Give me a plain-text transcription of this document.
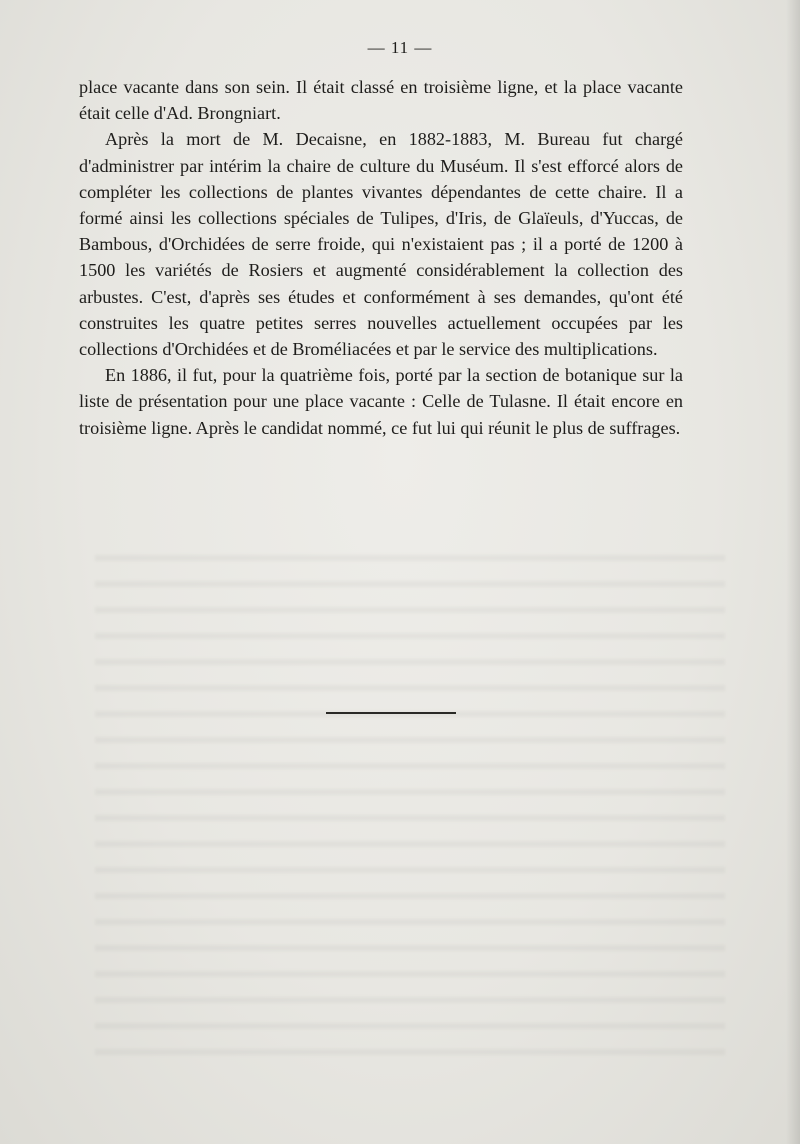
— 11 —

place vacante dans son sein. Il était classé en troisième ligne, et la place vacante était celle d'Ad. Brongniart.

Après la mort de M. Decaisne, en 1882-1883, M. Bureau fut chargé d'administrer par intérim la chaire de culture du Muséum. Il s'est efforcé alors de compléter les collections de plantes vivantes dépendantes de cette chaire. Il a formé ainsi les collections spéciales de Tulipes, d'Iris, de Glaïeuls, d'Yuccas, de Bambous, d'Orchidées de serre froide, qui n'existaient pas ; il a porté de 1200 à 1500 les variétés de Rosiers et augmenté considérablement la collection des arbustes. C'est, d'après ses études et conformément à ses demandes, qu'ont été construites les quatre petites serres nouvelles actuellement occupées par les collections d'Orchidées et de Broméliacées et par le service des multiplications.

En 1886, il fut, pour la quatrième fois, porté par la section de botanique sur la liste de présentation pour une place vacante : Celle de Tulasne. Il était encore en troisième ligne. Après le candidat nommé, ce fut lui qui réunit le plus de suffrages.
